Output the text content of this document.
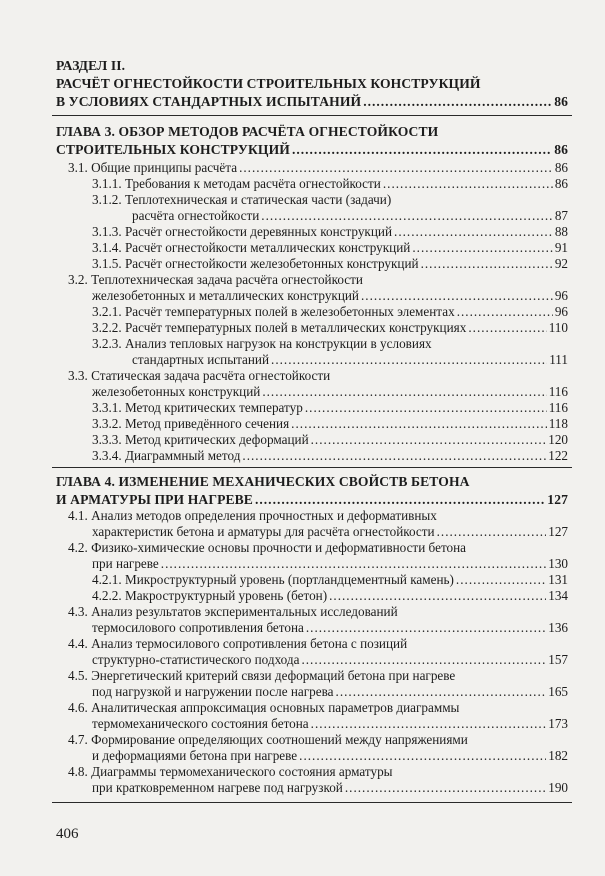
РАЗДЕЛ II.
РАСЧЁТ ОГНЕСТОЙКОСТИ СТРОИТЕЛЬНЫХ КОНСТРУКЦИЙ
В УСЛОВИЯХ СТАНДАРТНЫХ ИСПЫТАНИЙ .....	86
ГЛАВА 3. ОБЗОР МЕТОДОВ РАСЧЁТА ОГНЕСТОЙКОСТИ
СТРОИТЕЛЬНЫХ КОНСТРУКЦИЙ .....	86
3.1. Общие принципы расчёта .....	86
3.1.1. Требования к методам расчёта огнестойкости .....	86
3.1.2. Теплотехническая и статическая части (задачи)
расчёта огнестойкости .....	87
3.1.3. Расчёт огнестойкости деревянных конструкций .....	88
3.1.4. Расчёт огнестойкости металлических конструкций .....	91
3.1.5. Расчёт огнестойкости железобетонных конструкций .....	92
3.2. Теплотехническая задача расчёта огнестойкости
железобетонных и металлических конструкций .....	96
3.2.1. Расчёт температурных полей в железобетонных элементах .....	96
3.2.2. Расчёт температурных полей в металлических конструкциях .....	110
3.2.3. Анализ тепловых нагрузок на конструкции в условиях
стандартных испытаний .....	111
3.3. Статическая задача расчёта огнестойкости
железобетонных конструкций .....	116
3.3.1. Метод критических температур .....	116
3.3.2. Метод приведённого сечения .....	118
3.3.3. Метод критических деформаций .....	120
3.3.4. Диаграммный метод .....	122
ГЛАВА 4. ИЗМЕНЕНИЕ МЕХАНИЧЕСКИХ СВОЙСТВ БЕТОНА
И АРМАТУРЫ ПРИ НАГРЕВЕ .....	127
4.1. Анализ методов определения прочностных и деформативных
характеристик бетона и арматуры для расчёта огнестойкости .....	127
4.2. Физико-химические основы прочности и деформативности бетона
при нагреве .....	130
4.2.1. Микроструктурный уровень (портландцементный камень) .....	131
4.2.2. Макроструктурный уровень (бетон) .....	134
4.3. Анализ результатов экспериментальных исследований
термосилового сопротивления бетона .....	136
4.4. Анализ термосилового сопротивления бетона с позиций
структурно-статистического подхода .....	157
4.5. Энергетический критерий связи деформаций бетона при нагреве
под нагрузкой и нагружении после нагрева .....	165
4.6. Аналитическая аппроксимация основных параметров диаграммы
термомеханического состояния бетона .....	173
4.7. Формирование определяющих соотношений между напряжениями
и деформациями бетона при нагреве .....	182
4.8. Диаграммы термомеханического состояния арматуры
при кратковременном нагреве под нагрузкой .....	190
406
